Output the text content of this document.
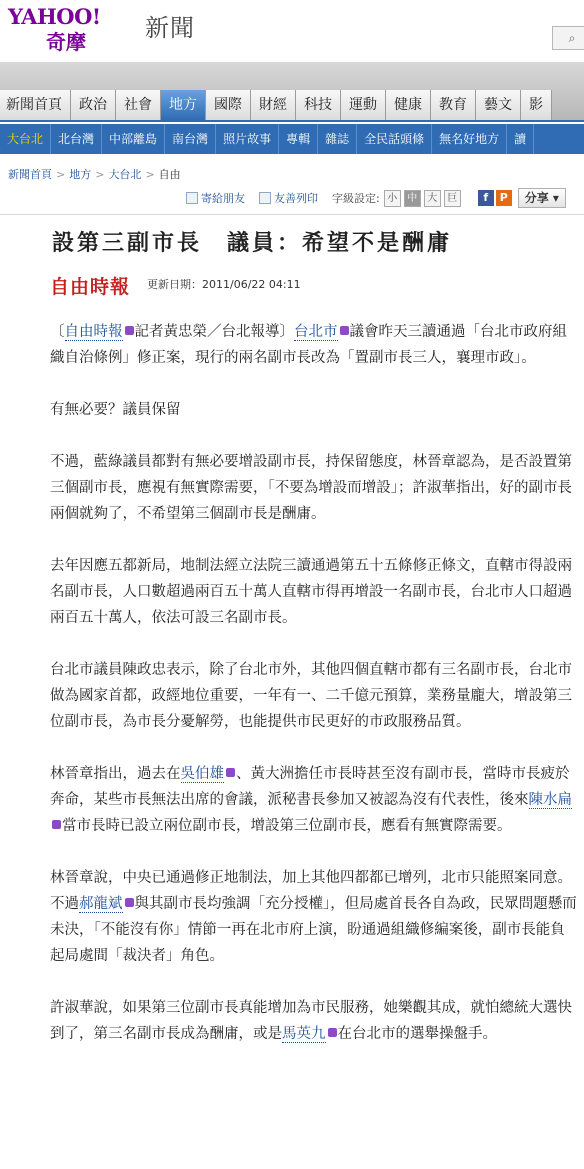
YAHOO!
奇摩 新聞	⌕
新聞首頁	政治	社會	地方	國際	財經	科技	運動	健康	教育	藝文	影
大台北	北台灣	中部離島	南台灣	照片故事	專輯	雜誌	全民話頭條	無名好地方	讀
新聞首頁 > 地方 > 大台北 > 自由
寄給朋友	友善列印 字級設定: 小	中	大	巨	f	P	分享 ▾
設第三副市長　議員：希望不是酬庸
自由時報 更新日期：2011/06/22 04:11

〔自由時報 記者黃忠榮／台北報導〕台北市 議會昨天三讀通過「台北市政府組織自治條例」修正案，現行的兩名副市長改為「置副市長三人，襄理市政」。

有無必要？議員保留

不過，藍綠議員都對有無必要增設副市長，持保留態度，林晉章認為，是否設置第三個副市長，應視有無實際需要，「不要為增設而增設」；許淑華指出，好的副市長兩個就夠了，不希望第三個副市長是酬庸。

去年因應五都新局，地制法經立法院三讀通過第五十五條修正條文，直轄市得設兩名副市長，人口數超過兩百五十萬人直轄市得再增設一名副市長，台北市人口超過兩百五十萬人，依法可設三名副市長。

台北市議員陳政忠表示，除了台北市外，其他四個直轄市都有三名副市長，台北市做為國家首都，政經地位重要，一年有一、二千億元預算，業務量龐大，增設第三位副市長，為市長分憂解勞，也能提供市民更好的市政服務品質。

林晉章指出，過去在吳伯雄 、黃大洲擔任市長時甚至沒有副市長，當時市長疲於奔命，某些市長無法出席的會議，派秘書長參加又被認為沒有代表性，後來陳水扁當市長時已設立兩位副市長，增設第三位副市長，應看有無實際需要。

林晉章說，中央已通過修正地制法，加上其他四都都已增列，北市只能照案同意。不過郝龍斌 與其副市長均強調「充分授權」，但局處首長各自為政，民眾問題懸而未決，「不能沒有你」情節一再在北市府上演，盼通過組織修編案後，副市長能負起局處間「裁決者」角色。

許淑華說，如果第三位副市長真能增加為市民服務，她樂觀其成，就怕總統大選快到了，第三名副市長成為酬庸，或是馬英九 在台北市的選舉操盤手。
